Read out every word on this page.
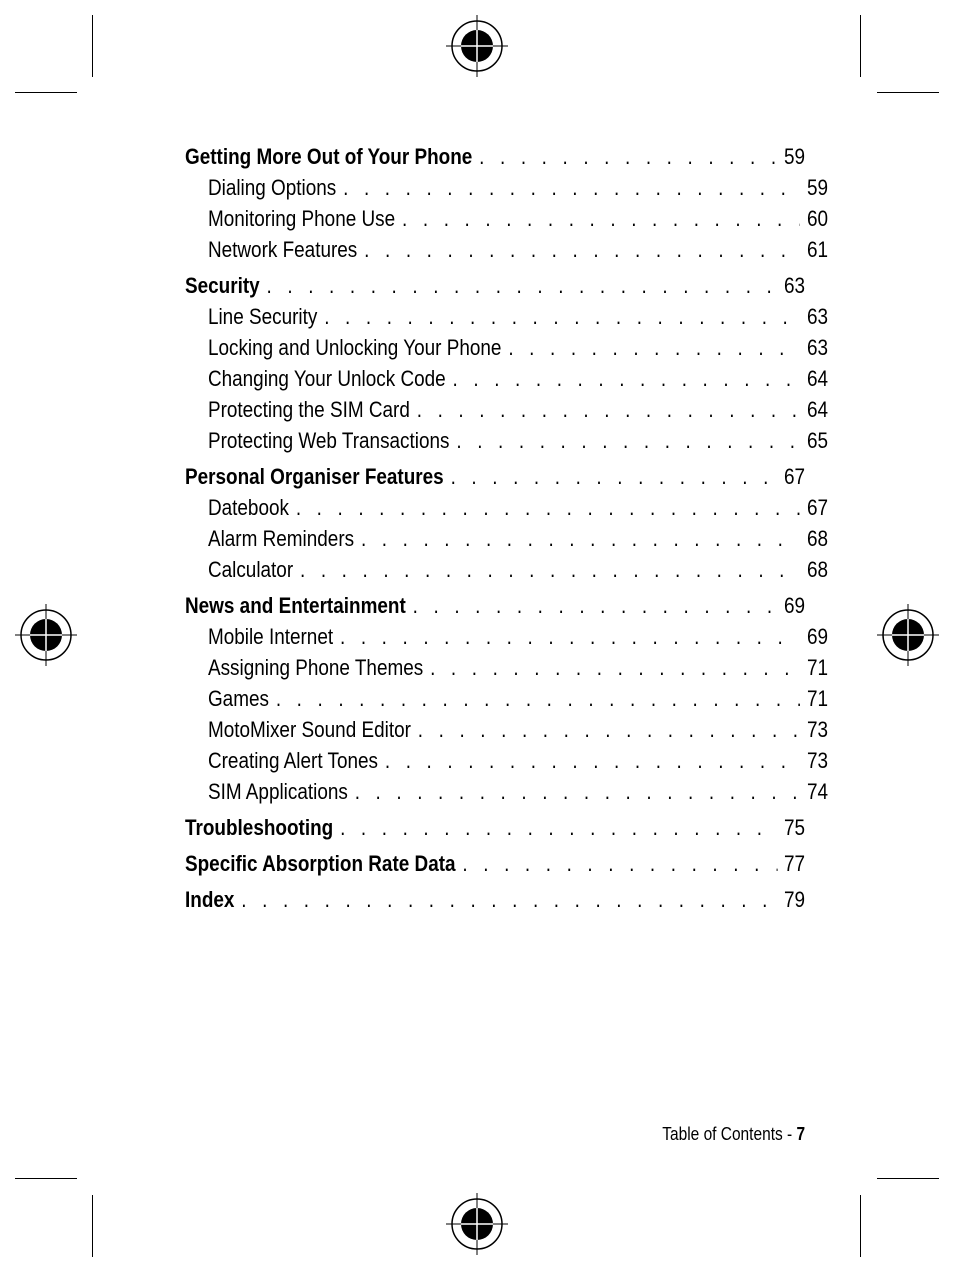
Getting More Out of Your Phone . . .	59
Dialing Options . . .	59
Monitoring Phone Use . . .	60
Network Features . . .	61
Security . . .	63
Line Security . . .	63
Locking and Unlocking Your Phone . . .	63
Changing Your Unlock Code . . .	64
Protecting the SIM Card . . .	64
Protecting Web Transactions . . .	65
Personal Organiser Features . . .	67
Datebook . . .	67
Alarm Reminders . . .	68
Calculator . . .	68
News and Entertainment . . .	69
Mobile Internet . . .	69
Assigning Phone Themes . . .	71
Games . . .	71
MotoMixer Sound Editor . . .	73
Creating Alert Tones . . .	73
SIM Applications . . .	74
Troubleshooting . . .	75
Specific Absorption Rate Data . . .	77
Index . . .	79
Table of Contents - 7
